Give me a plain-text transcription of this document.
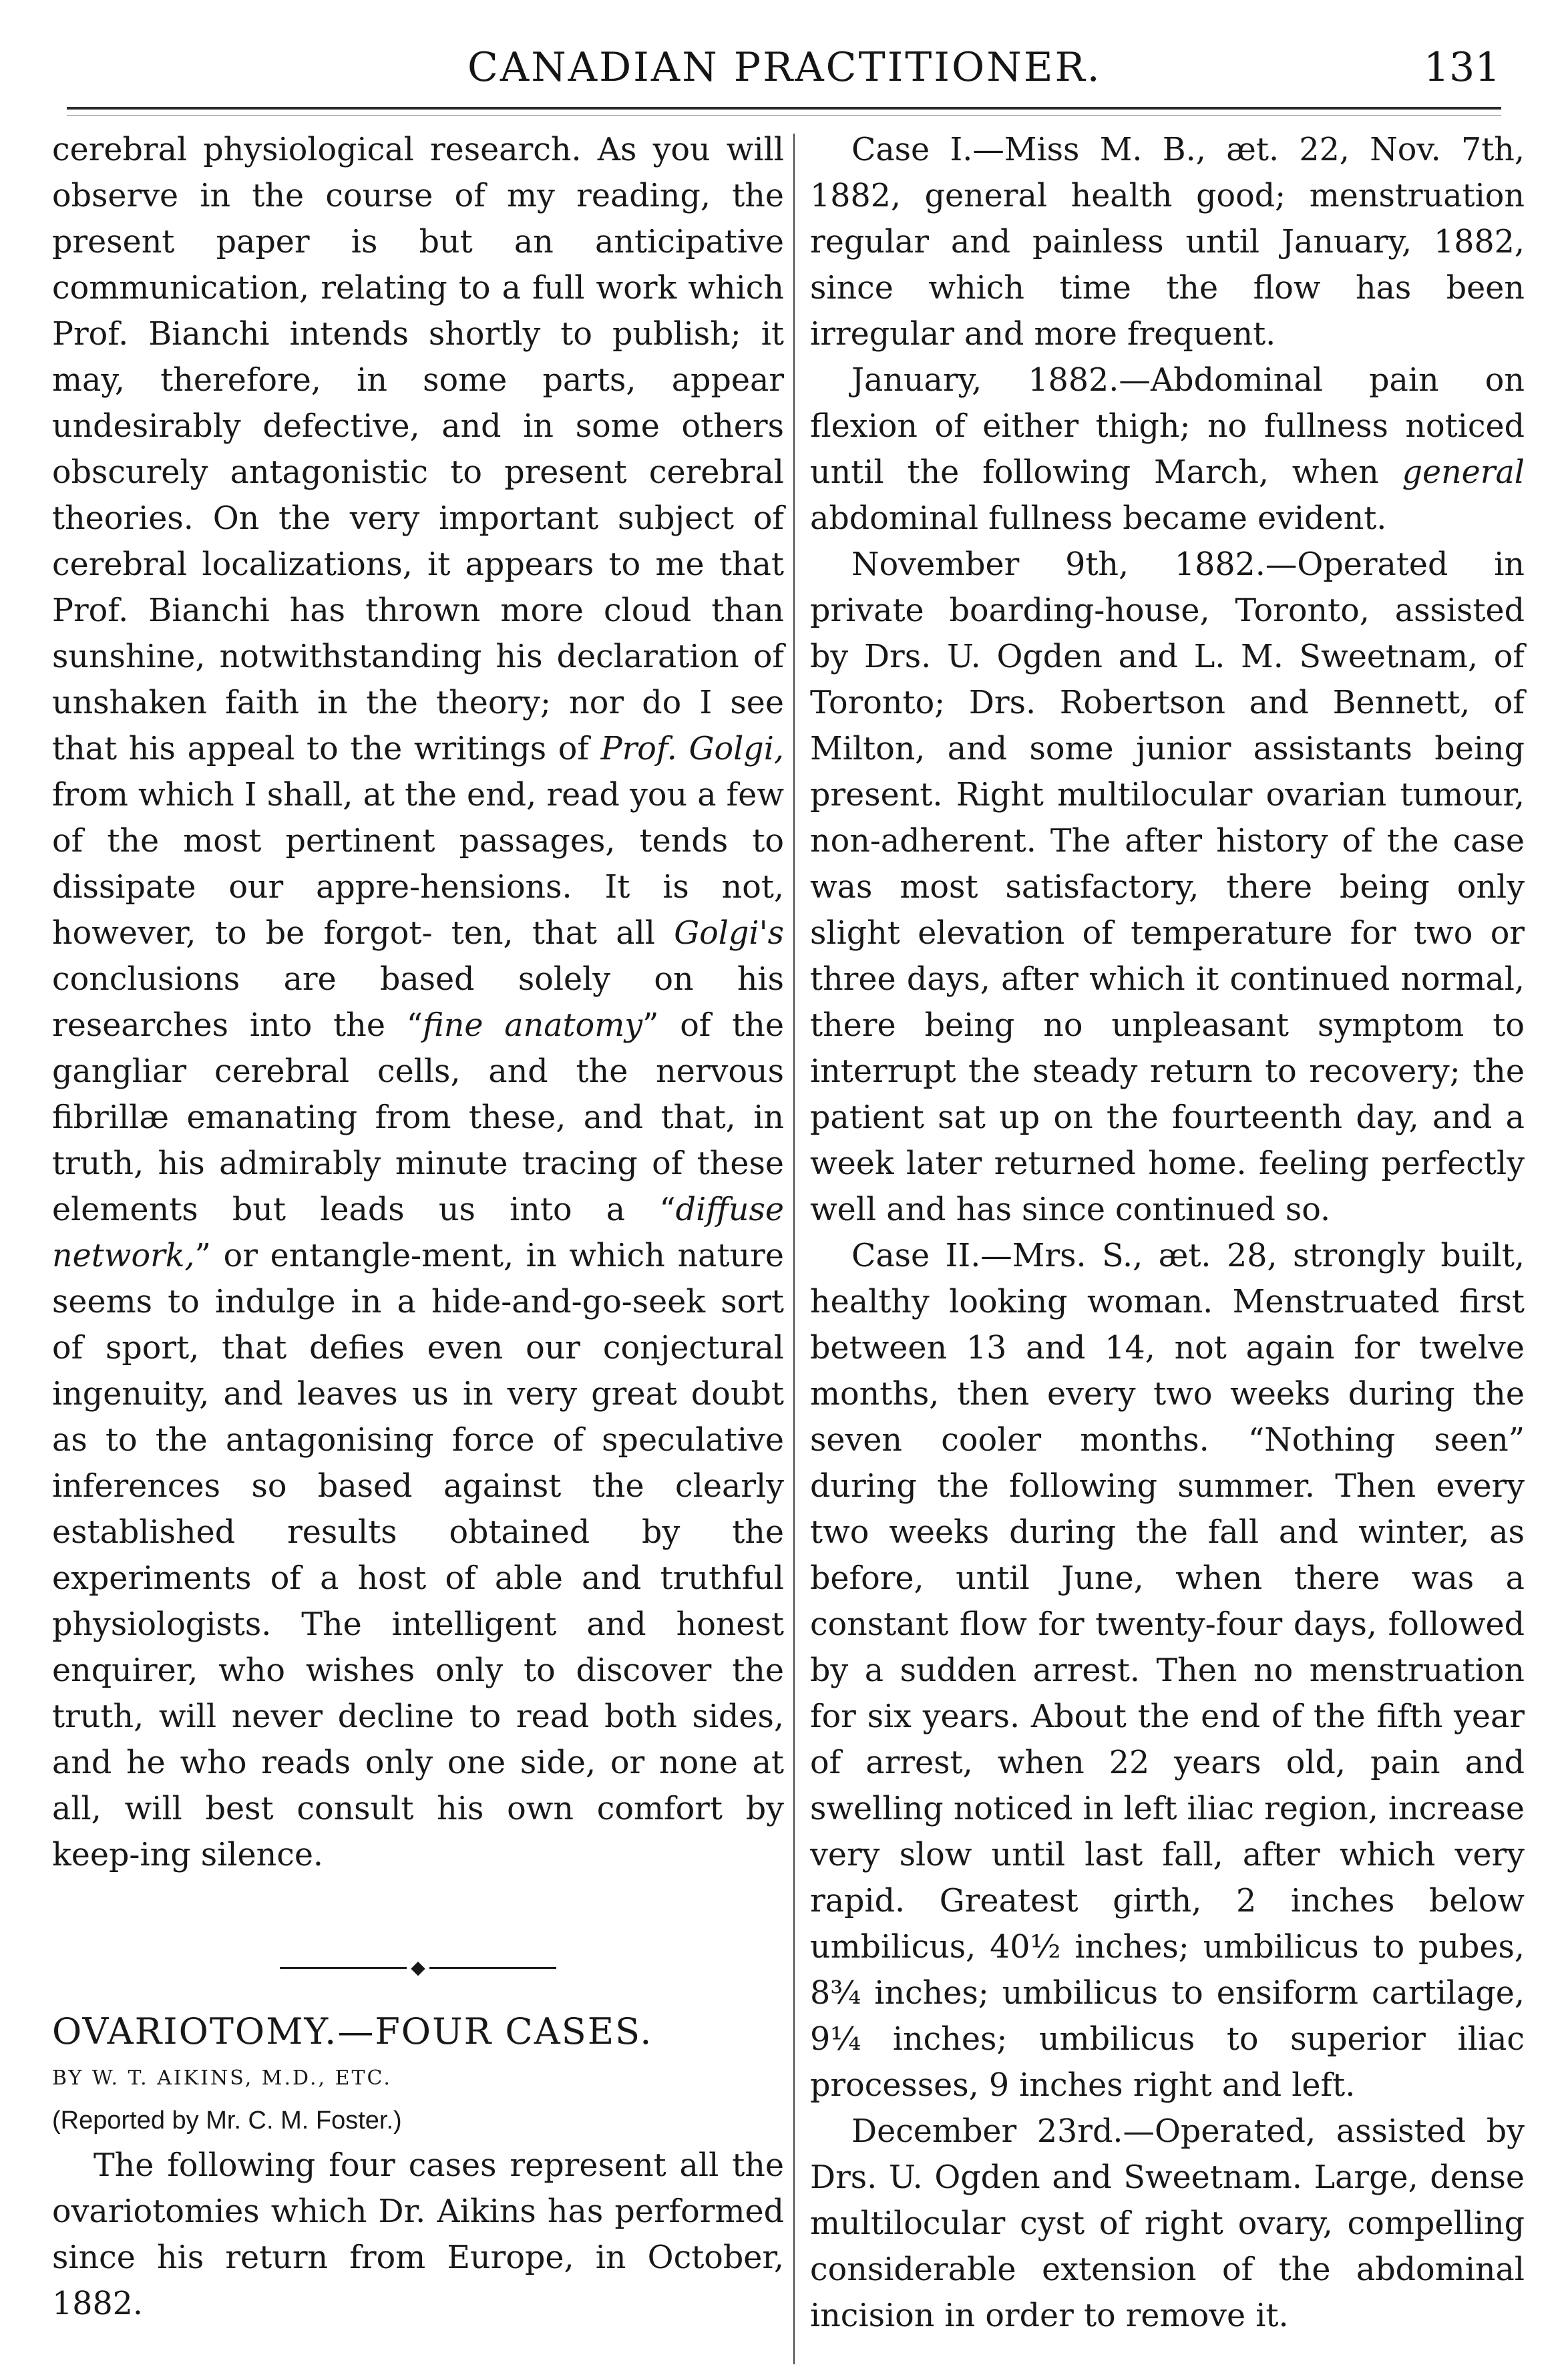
CANADIAN PRACTITIONER.	131

cerebral physiological research. As you will observe in the course of my reading, the present paper is but an anticipative communication, relating to a full work which Prof. Bianchi intends shortly to publish; it may, therefore, in some parts, appear undesirably defective, and in some others obscurely antagonistic to present cerebral theories. On the very important subject of cerebral localizations, it appears to me that Prof. Bianchi has thrown more cloud than sunshine, notwithstanding his declaration of unshaken faith in the theory; nor do I see that his appeal to the writings of Prof. Golgi, from which I shall, at the end, read you a few of the most pertinent passages, tends to dissipate our appre-hensions. It is not, however, to be forgot- ten, that all Golgi's conclusions are based solely on his researches into the “fine anatomy” of the gangliar cerebral cells, and the nervous fibrillæ emanating from these, and that, in truth, his admirably minute tracing of these elements but leads us into a “diffuse network,” or entangle-ment, in which nature seems to indulge in a hide-and-go-seek sort of sport, that defies even our conjectural ingenuity, and leaves us in very great doubt as to the antagonising force of speculative inferences so based against the clearly established results obtained by the experiments of a host of able and truthful physiologists. The intelligent and honest enquirer, who wishes only to discover the truth, will never decline to read both sides, and he who reads only one side, or none at all, will best consult his own comfort by keep-ing silence.

◆

OVARIOTOMY.—FOUR CASES.

BY W. T. AIKINS, M.D., ETC.

(Reported by Mr. C. M. Foster.)

The following four cases represent all the ovariotomies which Dr. Aikins has performed since his return from Europe, in October, 1882.

Case I.—Miss M. B., æt. 22, Nov. 7th, 1882, general health good; menstruation regular and painless until January, 1882, since which time the flow has been irregular and more frequent.

January, 1882.—Abdominal pain on flexion of either thigh; no fullness noticed until the following March, when general abdominal fullness became evident.

November 9th, 1882.—Operated in private boarding-house, Toronto, assisted by Drs. U. Ogden and L. M. Sweetnam, of Toronto; Drs. Robertson and Bennett, of Milton, and some junior assistants being present. Right multilocular ovarian tumour, non-adherent. The after history of the case was most satisfactory, there being only slight elevation of temperature for two or three days, after which it continued normal, there being no unpleasant symptom to interrupt the steady return to recovery; the patient sat up on the fourteenth day, and a week later returned home. feeling perfectly well and has since continued so.

Case II.—Mrs. S., æt. 28, strongly built, healthy looking woman. Menstruated first between 13 and 14, not again for twelve months, then every two weeks during the seven cooler months. “Nothing seen” during the following summer. Then every two weeks during the fall and winter, as before, until June, when there was a constant flow for twenty-four days, followed by a sudden arrest. Then no menstruation for six years. About the end of the fifth year of arrest, when 22 years old, pain and swelling noticed in left iliac region, increase very slow until last fall, after which very rapid. Greatest girth, 2 inches below umbilicus, 40½ inches; umbilicus to pubes, 8¾ inches; umbilicus to ensiform cartilage, 9¼ inches; umbilicus to superior iliac processes, 9 inches right and left.

December 23rd.—Operated, assisted by Drs. U. Ogden and Sweetnam. Large, dense multilocular cyst of right ovary, compelling considerable extension of the abdominal incision in order to remove it.
